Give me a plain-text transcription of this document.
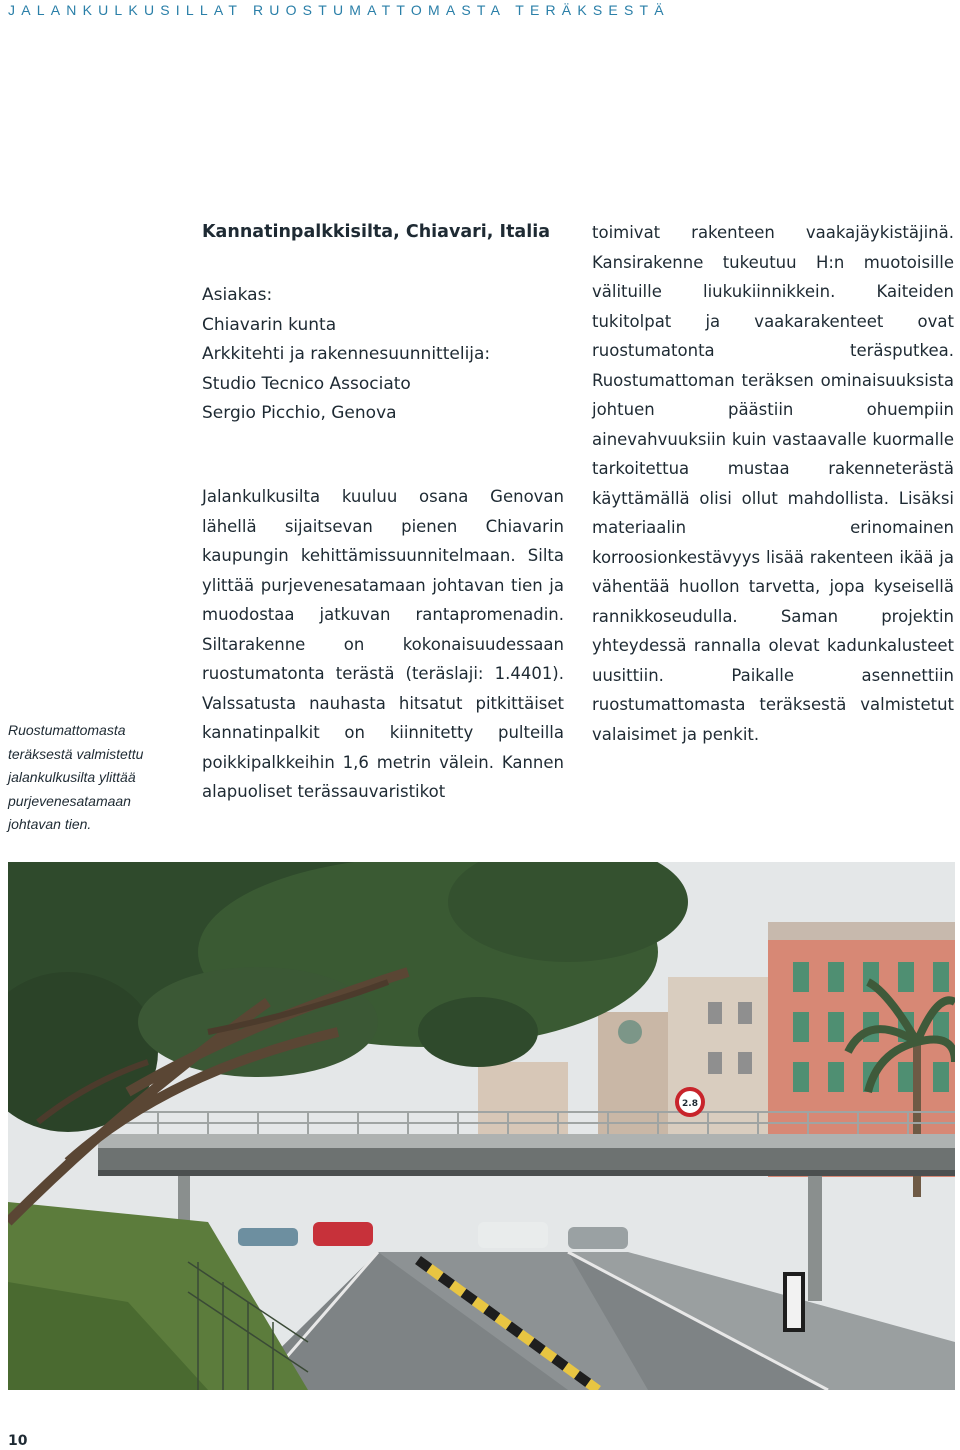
JALANKULKUSILLAT RUOSTUMATTOMASTA TERÄKSESTÄ
Ruostumattomasta teräksestä valmistettu jalankulkusilta ylittää purjevenesatamaan johtavan tien.
Kannatinpalkkisilta, Chiavari, Italia
Asiakas:
Chiavarin kunta
Arkkitehti ja rakennesuunnittelija:
Studio Tecnico Associato
Sergio Picchio, Genova

Jalankulkusilta kuuluu osana Genovan lähellä sijaitsevan pienen Chiavarin kaupungin kehittämissuunnitelmaan. Silta ylittää purjevenesatamaan johtavan tien ja muodostaa jatkuvan rantapromenadin. Siltarakenne on kokonaisuudessaan ruostumatonta terästä (teräslaji: 1.4401). Valssatusta nauhasta hitsatut pitkittäiset kannatinpalkit on kiinnitetty pulteilla poikkipalkkeihin 1,6 metrin välein. Kannen alapuoliset terässauvaristikot

toimivat rakenteen vaakajäykistäjinä. Kansirakenne tukeutuu H:n muotoisille välituille liukukiinnikkein. Kaiteiden tukitolpat ja vaakarakenteet ovat ruostumatonta teräsputkea. Ruostumattoman teräksen ominaisuuksista johtuen päästiin ohuempiin ainevahvuuksiin kuin vastaavalle kuormalle tarkoitettua mustaa rakenneterästä käyttämällä olisi ollut mahdollista. Lisäksi materiaalin erinomainen korroosionkestävyys lisää rakenteen ikää ja vähentää huollon tarvetta, jopa kyseisellä rannikkoseudulla. Saman projektin yhteydessä rannalla olevat kadunkalusteet uusittiin. Paikalle asennettiin ruostumattomasta teräksestä valmistetut valaisimet ja penkit.

2.8
10
